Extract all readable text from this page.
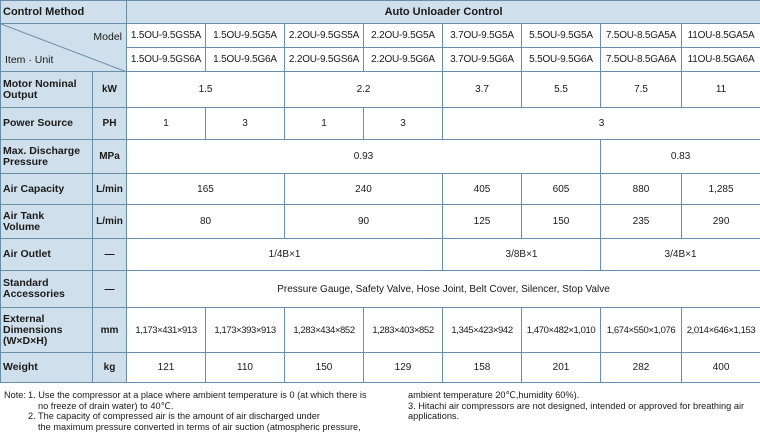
Control Method		Auto Unloader Control							

Model
Item · Unit		1.5OU-9.5GS5A	1.5OU-9.5G5A	2.2OU-9.5GS5A	2.2OU-9.5G5A	3.7OU-9.5G5A	5.5OU-9.5G5A	7.5OU-8.5GA5A	11OU-8.5GA5A
		1.5OU-9.5GS6A	1.5OU-9.5G6A	2.2OU-9.5GS6A	2.2OU-9.5G6A	3.7OU-9.5G6A	5.5OU-9.5G6A	7.5OU-8.5GA6A	11OU-8.5GA6A
Motor Nominal
Output	kW	1.5		2.2		3.7	5.5	7.5	11
Power Source	PH	1	3	1	3	3			
Max. Discharge
Pressure	MPa	0.93						0.83	
Air Capacity	L/min	165		240		405	605	880	1,285
Air Tank
Volume	L/min	80		90		125	150	235	290
Air Outlet	—	1/4B×1				3/8B×1		3/4B×1	
Standard
Accessories	—	Pressure Gauge, Safety Valve, Hose Joint, Belt Cover, Silencer, Stop Valve							
External
Dimensions
(W×D×H)	mm	1,173×431×913	1,173×393×913	1,283×434×852	1,283×403×852	1,345×423×942	1,470×482×1,010	1,674×550×1,076	2,014×646×1,153
Weight	kg	121	110	150	129	158	201	282	400
Note: 1. Use the compressor at a place where ambient temperature is 0 (at which there is
no freeze of drain water) to 40℃.
2. The capacity of compressed air is the amount of air discharged under
the maximum pressure converted in terms of air suction (atmospheric pressure,
ambient temperature 20℃,humidity 60%).
3. Hitachi air compressors are not designed, intended or approved for breathing air
applications.
